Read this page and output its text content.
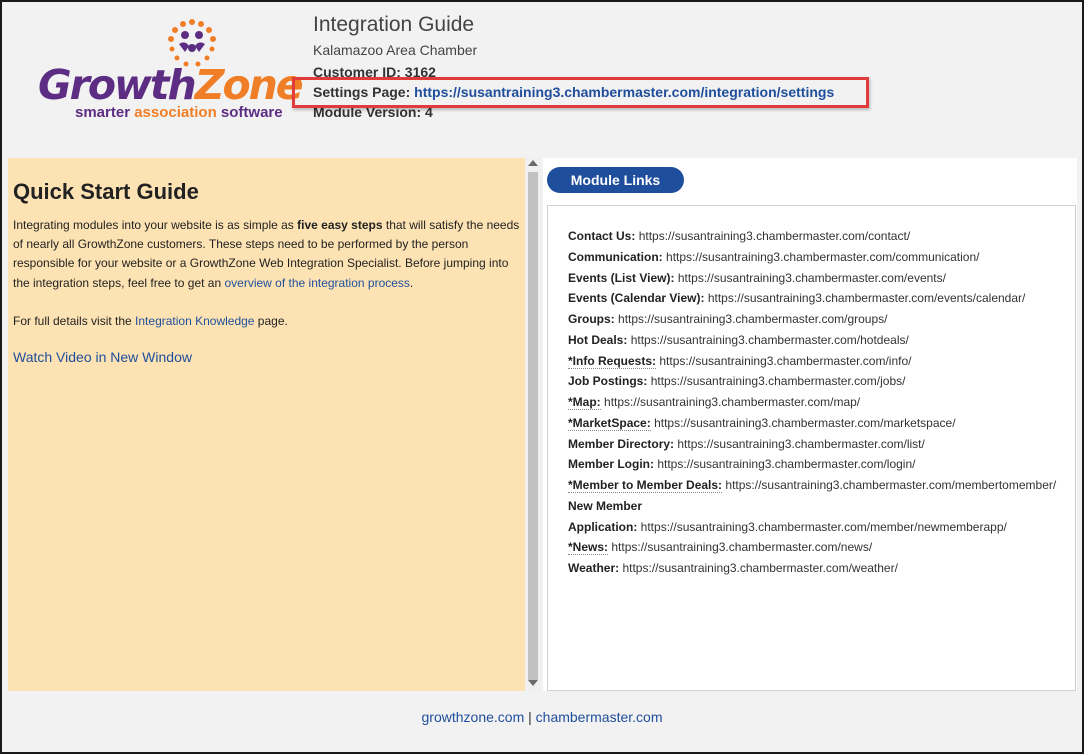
GrowthZone
smarter association software
Integration Guide
Kalamazoo Area Chamber
Customer ID: 3162
Settings Page: https://susantraining3.chambermaster.com/integration/settings
Module Version: 4
Quick Start Guide

Integrating modules into your website is as simple as five easy steps that will satisfy the needs of nearly all GrowthZone customers. These steps need to be performed by the person responsible for your website or a GrowthZone Web Integration Specialist. Before jumping into the integration steps, feel free to get an overview of the integration process.

For full details visit the Integration Knowledge page.

Watch Video in New Window
Module Links
Contact Us: https://susantraining3.chambermaster.com/contact/
Communication: https://susantraining3.chambermaster.com/communication/
Events (List View): https://susantraining3.chambermaster.com/events/
Events (Calendar View): https://susantraining3.chambermaster.com/events/calendar/
Groups: https://susantraining3.chambermaster.com/groups/
Hot Deals: https://susantraining3.chambermaster.com/hotdeals/
*Info Requests: https://susantraining3.chambermaster.com/info/
Job Postings: https://susantraining3.chambermaster.com/jobs/
*Map: https://susantraining3.chambermaster.com/map/
*MarketSpace: https://susantraining3.chambermaster.com/marketspace/
Member Directory: https://susantraining3.chambermaster.com/list/
Member Login: https://susantraining3.chambermaster.com/login/
*Member to Member Deals: https://susantraining3.chambermaster.com/membertomember/
New Member
Application: https://susantraining3.chambermaster.com/member/newmemberapp/
*News: https://susantraining3.chambermaster.com/news/
Weather: https://susantraining3.chambermaster.com/weather/
growthzone.com | chambermaster.com
